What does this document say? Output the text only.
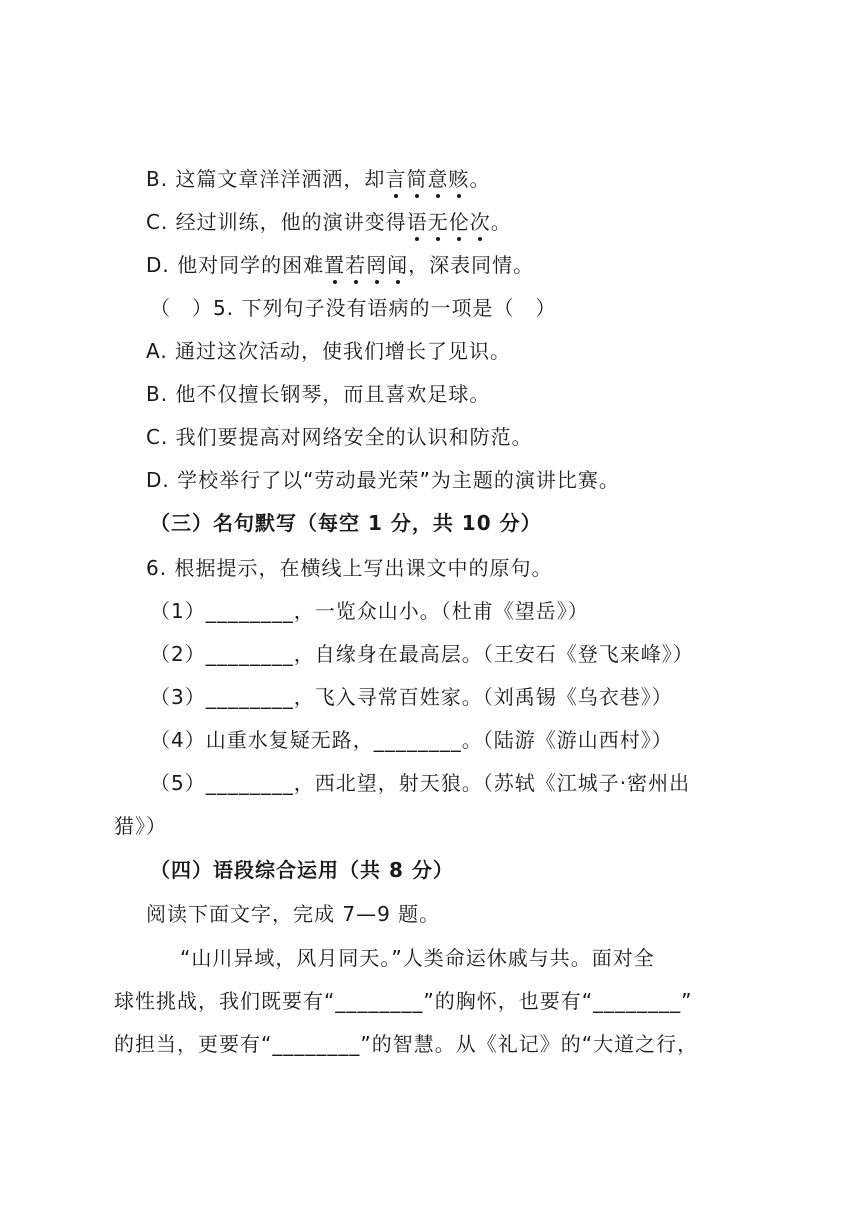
B. 这篇文章洋洋洒洒，却言简意赅。
C. 经过训练，他的演讲变得语无伦次。
D. 他对同学的困难置若罔闻，深表同情。
（　）5. 下列句子没有语病的一项是（　）
A. 通过这次活动，使我们增长了见识。
B. 他不仅擅长钢琴，而且喜欢足球。
C. 我们要提高对网络安全的认识和防范。
D. 学校举行了以“劳动最光荣”为主题的演讲比赛。
（三）名句默写（每空 1 分，共 10 分）
6. 根据提示，在横线上写出课文中的原句。
（1）________，一览众山小。（杜甫《望岳》）
（2）________，自缘身在最高层。（王安石《登飞来峰》）
（3）________，飞入寻常百姓家。（刘禹锡《乌衣巷》）
（4）山重水复疑无路，________。（陆游《游山西村》）
（5）________，西北望，射天狼。（苏轼《江城子·密州出
猎》）
（四）语段综合运用（共 8 分）
阅读下面文字，完成 7—9 题。
“山川异域，风月同天。”人类命运休戚与共。面对全
球性挑战，我们既要有“________”的胸怀，也要有“________”
的担当，更要有“________”的智慧。从《礼记》的“大道之行，
